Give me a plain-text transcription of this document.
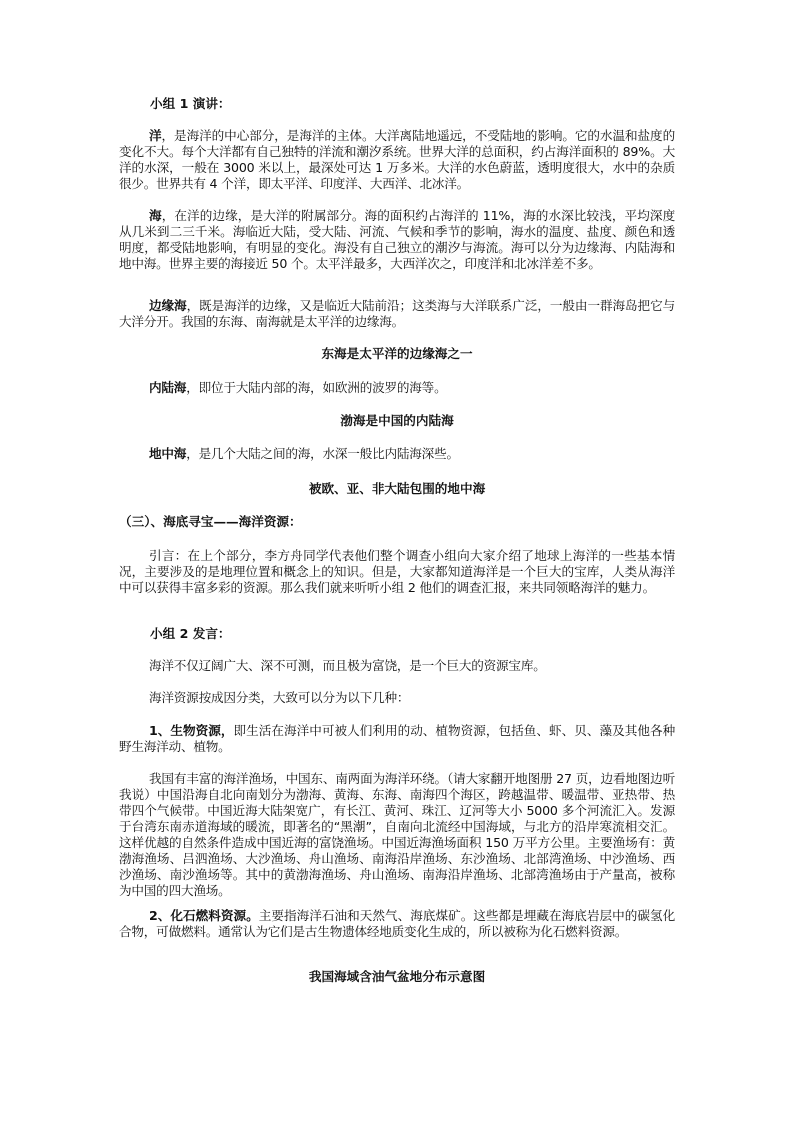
小组 1 演讲：
洋，是海洋的中心部分，是海洋的主体。大洋离陆地遥远，不受陆地的影响。它的水温和盐度的变化不大。每个大洋都有自己独特的洋流和潮汐系统。世界大洋的总面积，约占海洋面积的 89%。大洋的水深，一般在 3000 米以上，最深处可达 1 万多米。大洋的水色蔚蓝，透明度很大，水中的杂质很少。世界共有 4 个洋，即太平洋、印度洋、大西洋、北冰洋。
海，在洋的边缘，是大洋的附属部分。海的面积约占海洋的 11%，海的水深比较浅，平均深度从几米到二三千米。海临近大陆，受大陆、河流、气候和季节的影响，海水的温度、盐度、颜色和透明度，都受陆地影响，有明显的变化。海没有自己独立的潮汐与海流。海可以分为边缘海、内陆海和地中海。世界主要的海接近 50 个。太平洋最多，大西洋次之，印度洋和北冰洋差不多。
边缘海，既是海洋的边缘，又是临近大陆前沿；这类海与大洋联系广泛，一般由一群海岛把它与大洋分开。我国的东海、南海就是太平洋的边缘海。
东海是太平洋的边缘海之一
内陆海，即位于大陆内部的海，如欧洲的波罗的海等。
渤海是中国的内陆海
地中海，是几个大陆之间的海，水深一般比内陆海深些。
被欧、亚、非大陆包围的地中海
（三）、海底寻宝——海洋资源：
引言：在上个部分，李方舟同学代表他们整个调查小组向大家介绍了地球上海洋的一些基本情况，主要涉及的是地理位置和概念上的知识。但是，大家都知道海洋是一个巨大的宝库，人类从海洋中可以获得丰富多彩的资源。那么我们就来听听小组 2 他们的调查汇报，来共同领略海洋的魅力。
小组 2 发言：
海洋不仅辽阔广大、深不可测，而且极为富饶，是一个巨大的资源宝库。
海洋资源按成因分类，大致可以分为以下几种：
1、生物资源，即生活在海洋中可被人们利用的动、植物资源，包括鱼、虾、贝、藻及其他各种野生海洋动、植物。
我国有丰富的海洋渔场，中国东、南两面为海洋环绕。（请大家翻开地图册 27 页，边看地图边听我说）中国沿海自北向南划分为渤海、黄海、东海、南海四个海区，跨越温带、暖温带、亚热带、热带四个气候带。中国近海大陆架宽广，有长江、黄河、珠江、辽河等大小 5000 多个河流汇入。发源于台湾东南赤道海域的暖流，即著名的“黑潮”，自南向北流经中国海域，与北方的沿岸寒流相交汇。这样优越的自然条件造成中国近海的富饶渔场。中国近海渔场面积 150 万平方公里。主要渔场有：黄渤海渔场、吕泗渔场、大沙渔场、舟山渔场、南海沿岸渔场、东沙渔场、北部湾渔场、中沙渔场、西沙渔场、南沙渔场等。其中的黄渤海渔场、舟山渔场、南海沿岸渔场、北部湾渔场由于产量高，被称为中国的四大渔场。
2、化石燃料资源。主要指海洋石油和天然气、海底煤矿。这些都是埋藏在海底岩层中的碳氢化合物，可做燃料。通常认为它们是古生物遗体经地质变化生成的，所以被称为化石燃料资源。
我国海域含油气盆地分布示意图
